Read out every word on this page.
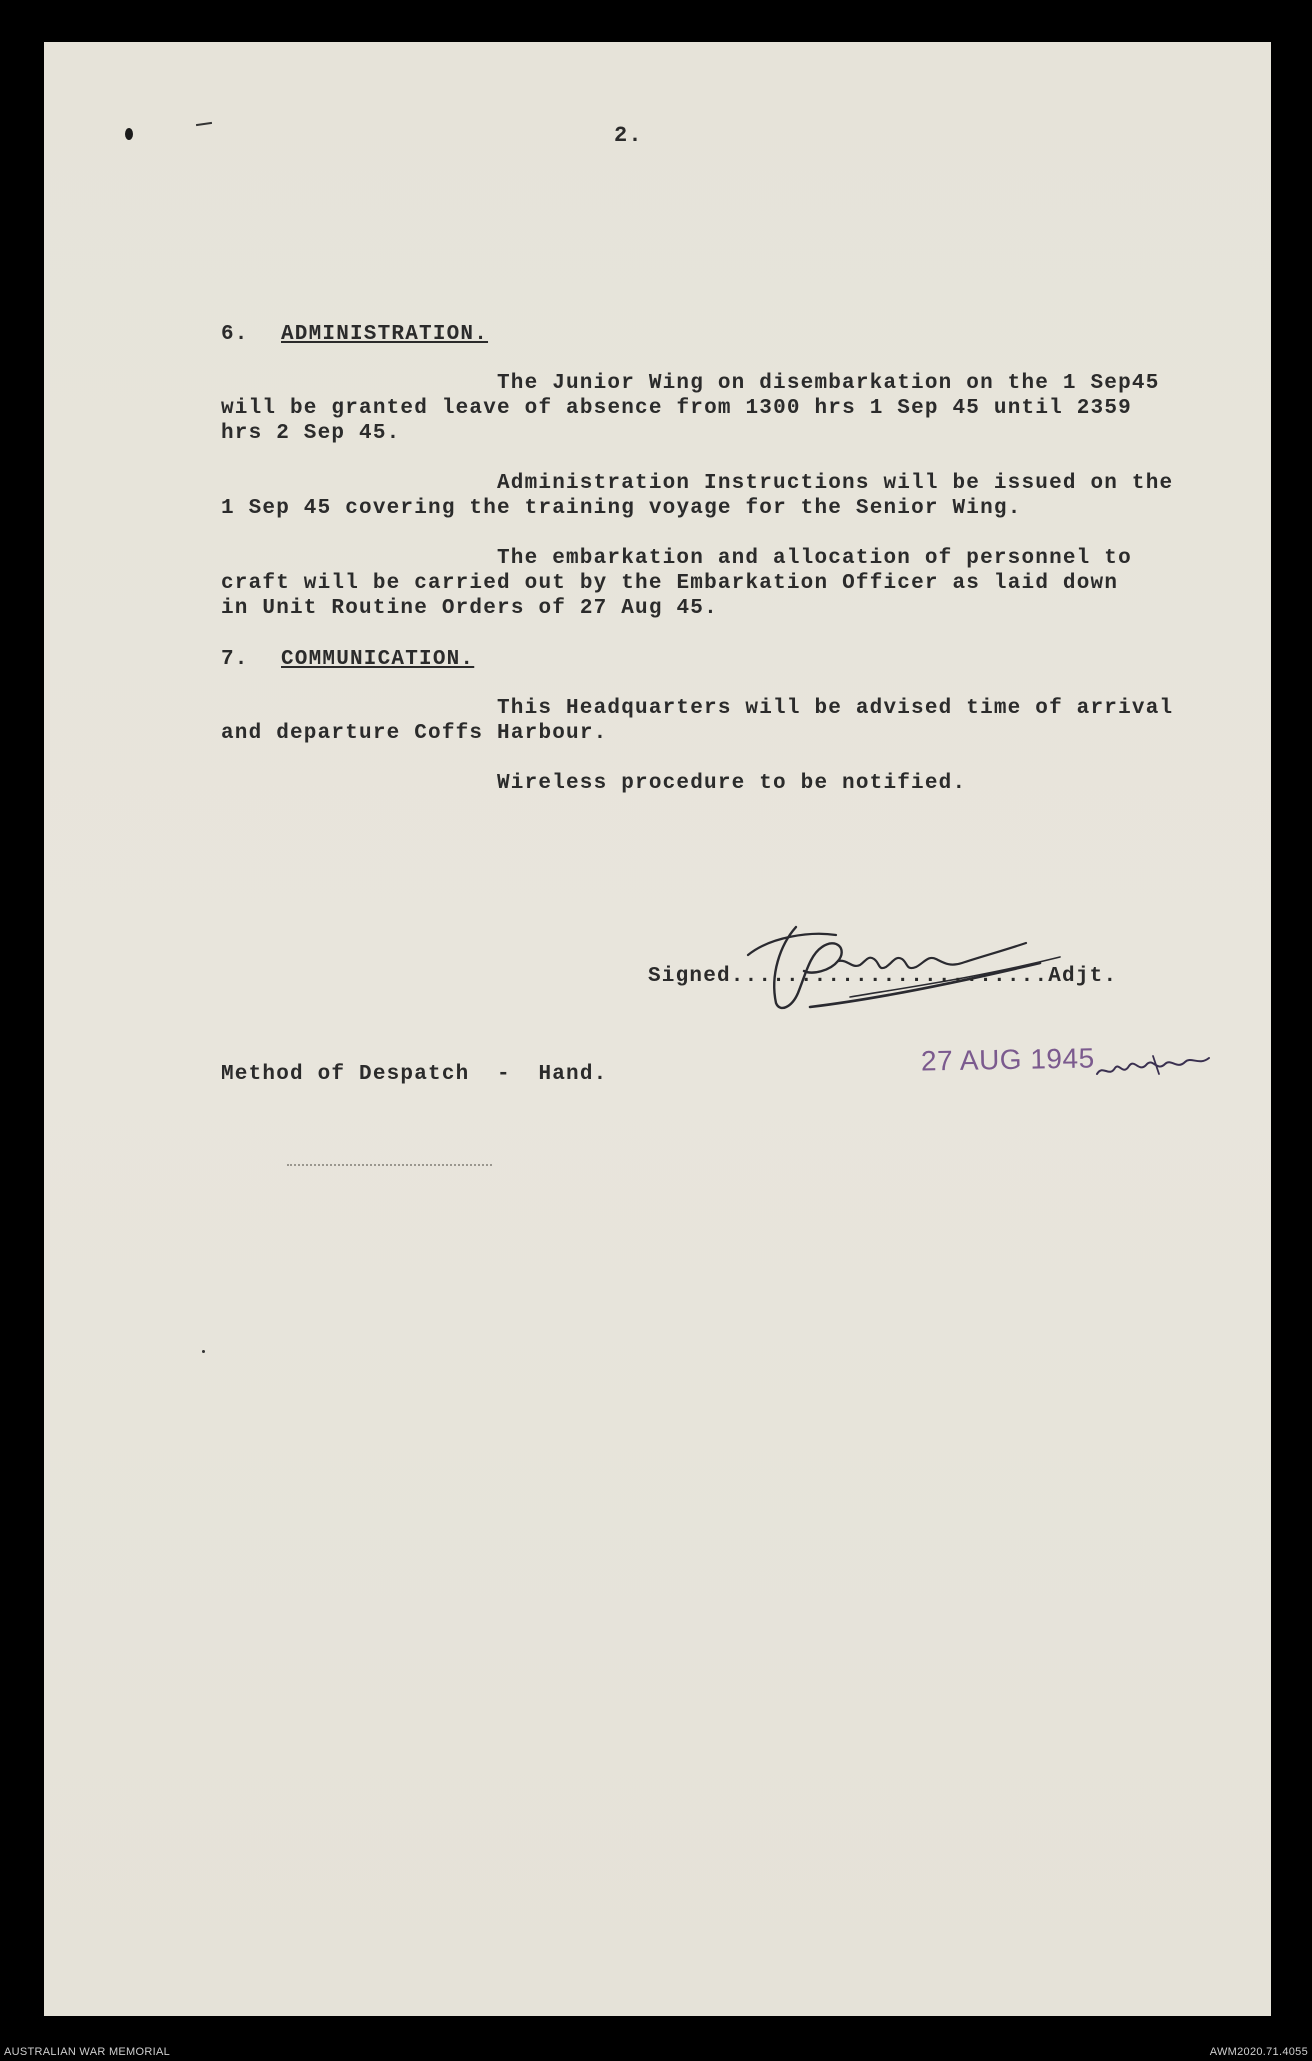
2.
6. ADMINISTRATION.
The Junior Wing on disembarkation on the 1 Sep45
will be granted leave of absence from 1300 hrs 1 Sep 45 until 2359
hrs 2 Sep 45.
Administration Instructions will be issued on the
1 Sep 45 covering the training voyage for the Senior Wing.
The embarkation and allocation of personnel to
craft will be carried out by the Embarkation Officer as laid down
in Unit Routine Orders of 27 Aug 45.
7. COMMUNICATION.
This Headquarters will be advised time of arrival
and departure Coffs Harbour.
Wireless procedure to be notified.
Signed.......................Adjt.
Method of Despatch  -  Hand.	27 AUG 1945
AUSTRALIAN WAR MEMORIAL	AWM2020.71.4055
